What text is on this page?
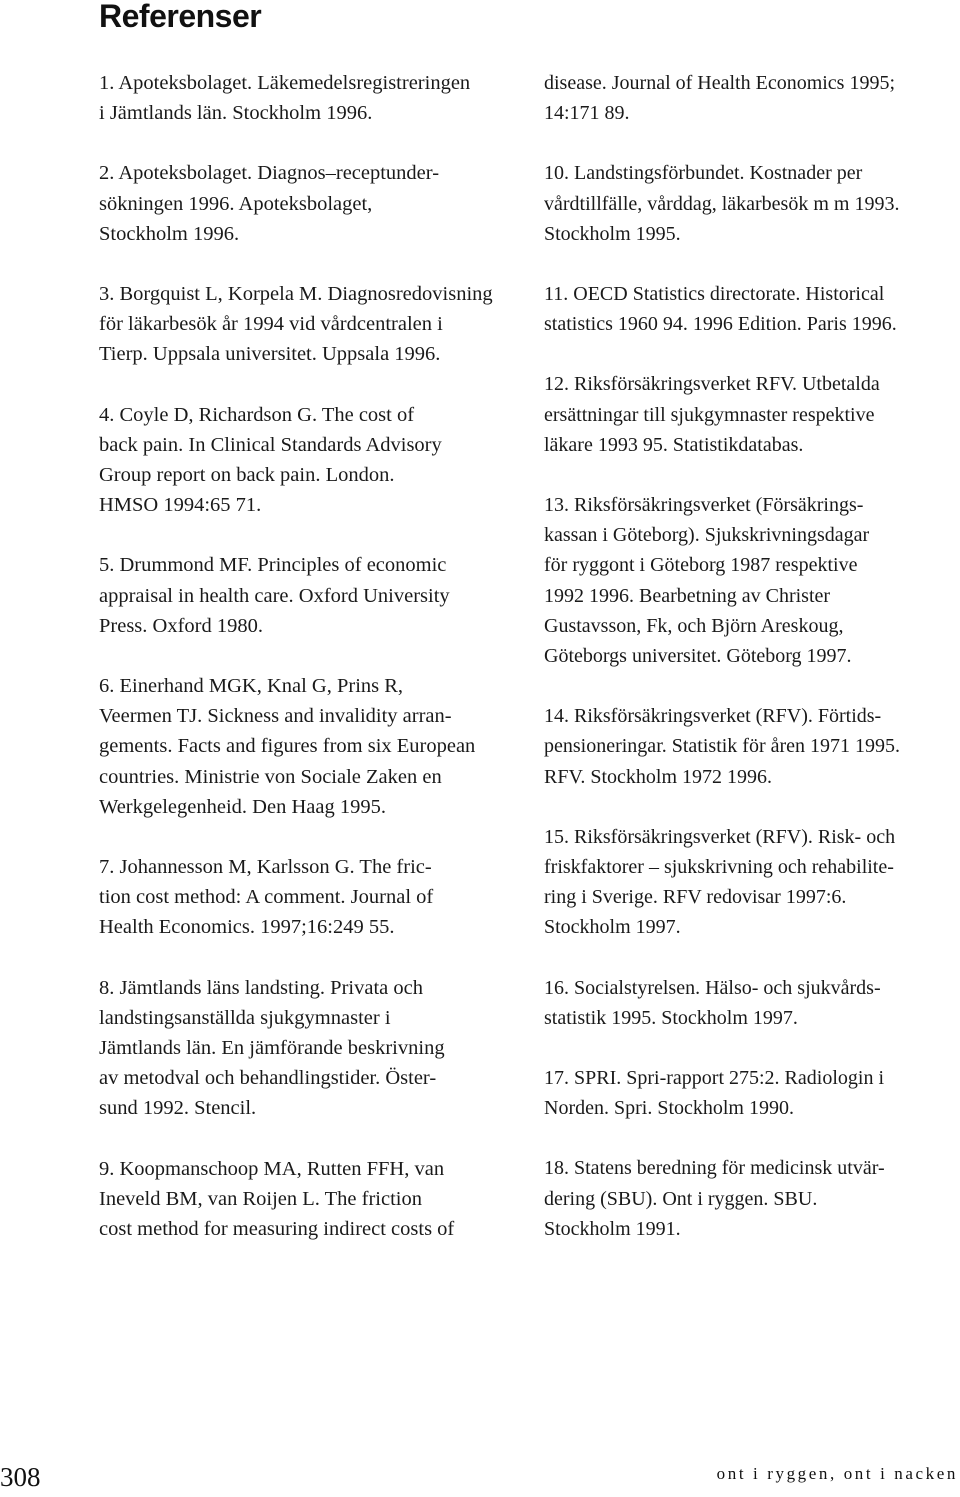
Referenser

1. Apoteksbolaget. Läkemedelsregistreringen
i Jämtlands län. Stockholm 1996.

2. Apoteksbolaget. Diagnos–receptunder-
sökningen 1996. Apoteksbolaget,
Stockholm 1996.

3. Borgquist L, Korpela M. Diagnosredovisning
för läkarbesök år 1994 vid vårdcentralen i
Tierp. Uppsala universitet. Uppsala 1996.

4. Coyle D, Richardson G. The cost of
back pain. In Clinical Standards Advisory
Group report on back pain. London.
HMSO 1994:65 71.

5. Drummond MF. Principles of economic
appraisal in health care. Oxford University
Press. Oxford 1980.

6. Einerhand MGK, Knal G, Prins R,
Veermen TJ. Sickness and invalidity arran-
gements. Facts and figures from six European
countries. Ministrie von Sociale Zaken en
Werkgelegenheid. Den Haag 1995.

7. Johannesson M, Karlsson G. The fric-
tion cost method: A comment. Journal of
Health Economics. 1997;16:249 55.

8. Jämtlands läns landsting. Privata och
landstingsanställda sjukgymnaster i
Jämtlands län. En jämförande beskrivning
av metodval och behandlingstider. Öster-
sund 1992. Stencil.

9. Koopmanschoop MA, Rutten FFH, van
Ineveld BM, van Roijen L. The friction
cost method for measuring indirect costs of

disease. Journal of Health Economics 1995;
14:171 89.

10. Landstingsförbundet. Kostnader per
vårdtillfälle, vårddag, läkarbesök m m 1993.
Stockholm 1995.

11. OECD Statistics directorate. Historical
statistics 1960 94. 1996 Edition. Paris 1996.

12. Riksförsäkringsverket RFV. Utbetalda
ersättningar till sjukgymnaster respektive
läkare 1993 95. Statistikdatabas.

13. Riksförsäkringsverket (Försäkrings-
kassan i Göteborg). Sjukskrivningsdagar
för ryggont i Göteborg 1987 respektive
1992 1996. Bearbetning av Christer
Gustavsson, Fk, och Björn Areskoug,
Göteborgs universitet. Göteborg 1997.

14. Riksförsäkringsverket (RFV). Förtids-
pensioneringar. Statistik för åren 1971 1995.
RFV. Stockholm 1972 1996.

15. Riksförsäkringsverket (RFV). Risk- och
friskfaktorer – sjukskrivning och rehabilite-
ring i Sverige. RFV redovisar 1997:6.
Stockholm 1997.

16. Socialstyrelsen. Hälso- och sjukvårds-
statistik 1995. Stockholm 1997.

17. SPRI. Spri-rapport 275:2. Radiologin i
Norden. Spri. Stockholm 1990.

18. Statens beredning för medicinsk utvär-
dering (SBU). Ont i ryggen. SBU.
Stockholm 1991.

308	ont i ryggen, ont i nacken
